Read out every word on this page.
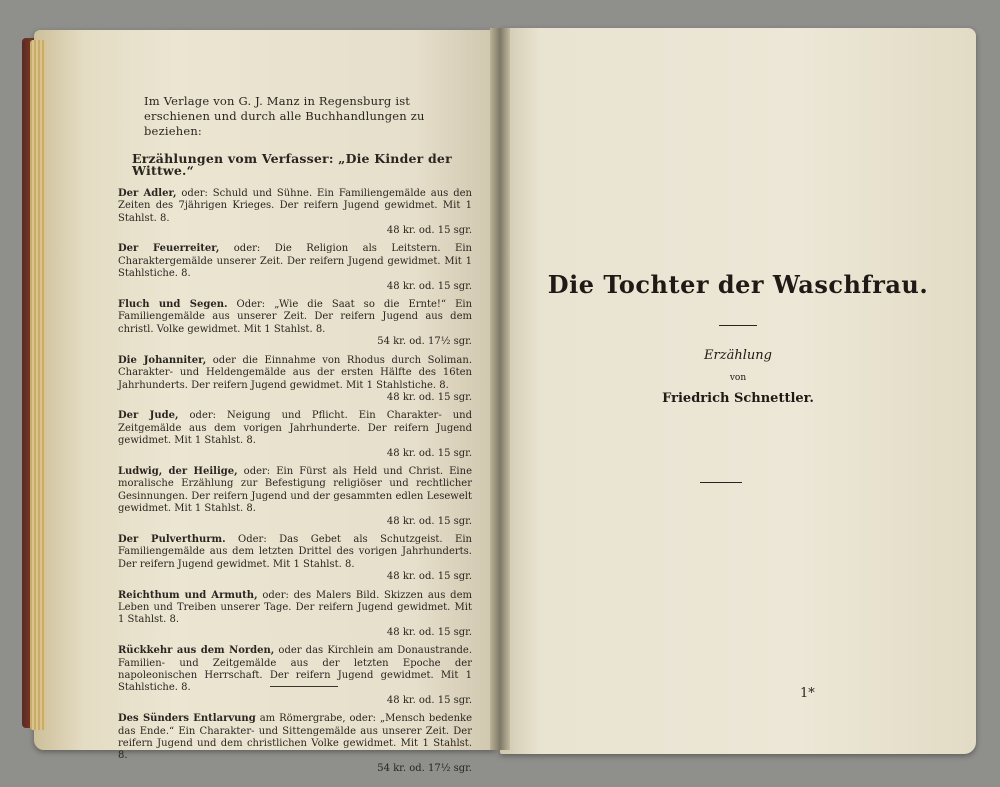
Im Verlage von G. J. Manz in Regensburg ist erschienen und durch alle Buchhandlungen zu beziehen:
Erzählungen vom Verfasser: „Die Kinder der Wittwe.“
Der Adler, oder: Schuld und Sühne. Ein Familiengemälde aus den Zeiten des 7jährigen Krieges. Der reifern Jugend gewidmet. Mit 1 Stahlst. 8.
48 kr. od. 15 sgr.
Der Feuerreiter, oder: Die Religion als Leitstern. Ein Charaktergemälde unserer Zeit. Der reifern Jugend gewidmet. Mit 1 Stahlstiche. 8.
48 kr. od. 15 sgr.
Fluch und Segen. Oder: „Wie die Saat so die Ernte!“ Ein Familiengemälde aus unserer Zeit. Der reifern Jugend aus dem christl. Volke gewidmet. Mit 1 Stahlst. 8.
54 kr. od. 17½ sgr.
Die Johanniter, oder die Einnahme von Rhodus durch Soliman. Charakter- und Heldengemälde aus der ersten Hälfte des 16ten Jahrhunderts. Der reifern Jugend gewidmet. Mit 1 Stahlstiche. 8.
48 kr. od. 15 sgr.
Der Jude, oder: Neigung und Pflicht. Ein Charakter- und Zeitgemälde aus dem vorigen Jahrhunderte. Der reifern Jugend gewidmet. Mit 1 Stahlst. 8.
48 kr. od. 15 sgr.
Ludwig, der Heilige, oder: Ein Fürst als Held und Christ. Eine moralische Erzählung zur Befestigung religiöser und rechtlicher Gesinnungen. Der reifern Jugend und der gesammten edlen Lesewelt gewidmet. Mit 1 Stahlst. 8.
48 kr. od. 15 sgr.
Der Pulverthurm. Oder: Das Gebet als Schutzgeist. Ein Familiengemälde aus dem letzten Drittel des vorigen Jahrhunderts. Der reifern Jugend gewidmet. Mit 1 Stahlst. 8.
48 kr. od. 15 sgr.
Reichthum und Armuth, oder: des Malers Bild. Skizzen aus dem Leben und Treiben unserer Tage. Der reifern Jugend gewidmet. Mit 1 Stahlst. 8.
48 kr. od. 15 sgr.
Rückkehr aus dem Norden, oder das Kirchlein am Donaustrande. Familien- und Zeitgemälde aus der letzten Epoche der napoleonischen Herrschaft. Der reifern Jugend gewidmet. Mit 1 Stahlstiche. 8.
48 kr. od. 15 sgr.
Des Sünders Entlarvung am Römergrabe, oder: „Mensch bedenke das Ende.“ Ein Charakter- und Sittengemälde aus unserer Zeit. Der reifern Jugend und dem christlichen Volke gewidmet. Mit 1 Stahlst. 8.
54 kr. od. 17½ sgr.
Die Tochter der Waschfrau.
Erzählung
von
Friedrich Schnettler.
1*
